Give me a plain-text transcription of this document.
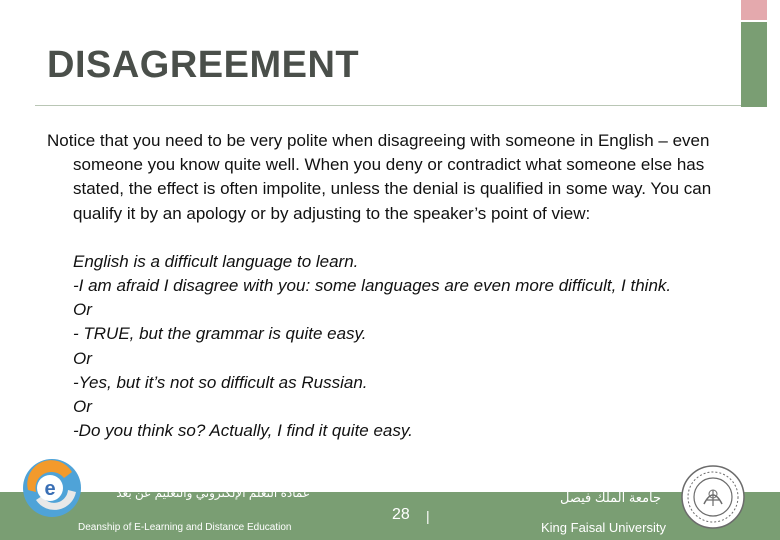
DISAGREEMENT

Notice that you need to be very polite when disagreeing with someone in English – even someone you know quite well. When you deny or contradict what someone else has stated, the effect is often impolite, unless the denial is qualified in some way. You can qualify it by an apology or by adjusting to the speaker’s point of view:

English is a difficult language to learn.
-I am afraid I disagree with you: some languages are even more difficult, I think.
Or
- TRUE, but the grammar is quite easy.
Or
-Yes, but it’s not so difficult as Russian.
Or
-Do you think so? Actually, I find it quite easy.
e	عمادة التعلم الإلكتروني والتعليم عن بعد
Deanship of E-Learning and Distance Education
28 |
جامعة الملك فيصل
King Faisal University
